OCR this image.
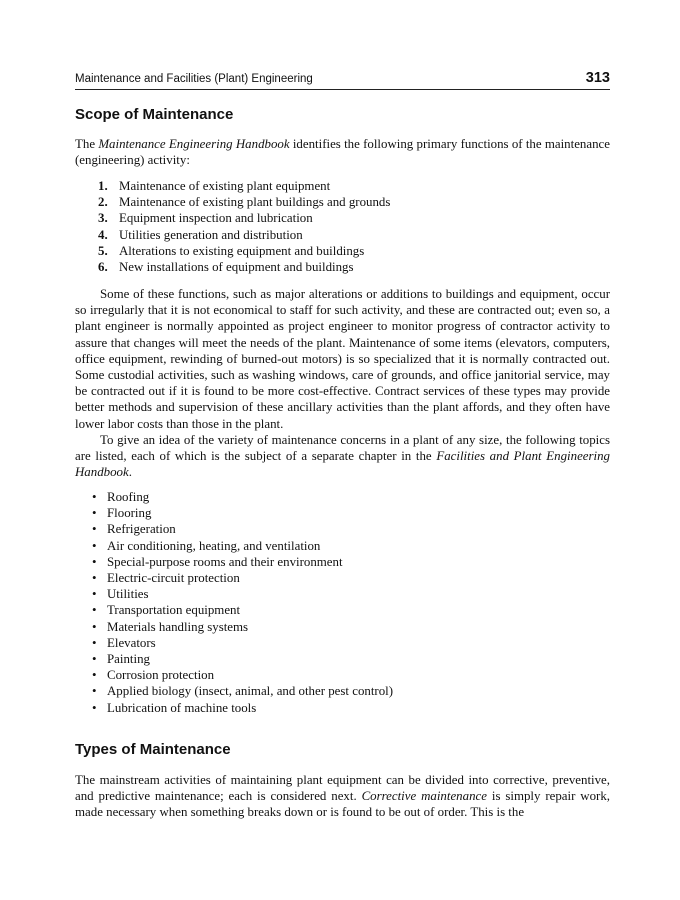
Maintenance and Facilities (Plant) Engineering	313
Scope of Maintenance

The Maintenance Engineering Handbook identifies the following primary functions of the maintenance (engineering) activity:

1. Maintenance of existing plant equipment
2. Maintenance of existing plant buildings and grounds
3. Equipment inspection and lubrication
4. Utilities generation and distribution
5. Alterations to existing equipment and buildings
6. New installations of equipment and buildings

Some of these functions, such as major alterations or additions to buildings and equipment, occur so irregularly that it is not economical to staff for such activity, and these are contracted out; even so, a plant engineer is normally appointed as project engineer to monitor progress of contractor activity to assure that changes will meet the needs of the plant. Maintenance of some items (elevators, computers, office equipment, rewinding of burned-out motors) is so specialized that it is normally contracted out. Some custodial activities, such as washing windows, care of grounds, and office janitorial service, may be contracted out if it is found to be more cost-effective. Contract services of these types may provide better methods and supervision of these ancillary activities than the plant affords, and they often have lower labor costs than those in the plant.

To give an idea of the variety of maintenance concerns in a plant of any size, the following topics are listed, each of which is the subject of a separate chapter in the Facilities and Plant Engineering Handbook.

• Roofing
• Flooring
• Refrigeration
• Air conditioning, heating, and ventilation
• Special-purpose rooms and their environment
• Electric-circuit protection
• Utilities
• Transportation equipment
• Materials handling systems
• Elevators
• Painting
• Corrosion protection
• Applied biology (insect, animal, and other pest control)
• Lubrication of machine tools
Types of Maintenance

The mainstream activities of maintaining plant equipment can be divided into corrective, preventive, and predictive maintenance; each is considered next. Corrective maintenance is simply repair work, made necessary when something breaks down or is found to be out of order. This is the
